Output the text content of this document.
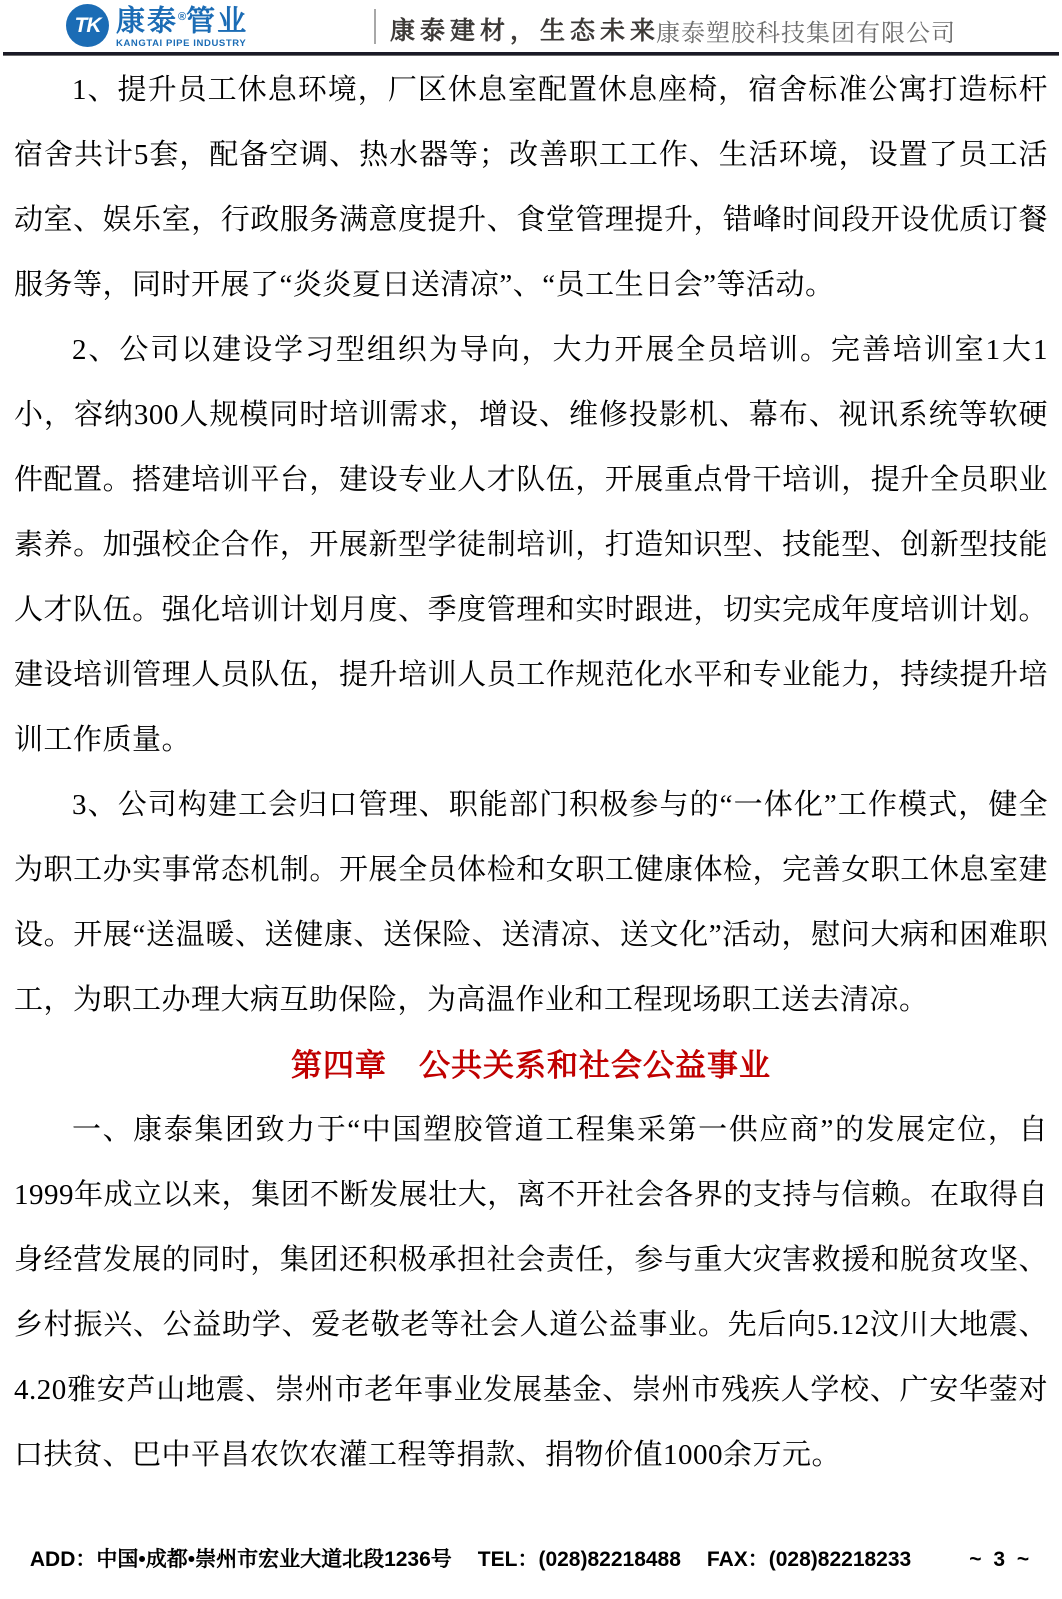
TK 康泰®管业
KANGTAI PIPE INDUSTRY	康泰建材，生态未来
康泰塑胶科技集团有限公司

1、提升员工休息环境，厂区休息室配置休息座椅，宿舍标准公寓打造标杆宿舍共计5套，配备空调、热水器等；改善职工工作、生活环境，设置了员工活动室、娱乐室，行政服务满意度提升、食堂管理提升，错峰时间段开设优质订餐服务等，同时开展了“炎炎夏日送清凉”、“员工生日会”等活动。

2、公司以建设学习型组织为导向，大力开展全员培训。完善培训室1大1小，容纳300人规模同时培训需求，增设、维修投影机、幕布、视讯系统等软硬件配置。搭建培训平台，建设专业人才队伍，开展重点骨干培训，提升全员职业素养。加强校企合作，开展新型学徒制培训，打造知识型、技能型、创新型技能人才队伍。强化培训计划月度、季度管理和实时跟进，切实完成年度培训计划。建设培训管理人员队伍，提升培训人员工作规范化水平和专业能力，持续提升培训工作质量。

3、公司构建工会归口管理、职能部门积极参与的“一体化”工作模式，健全为职工办实事常态机制。开展全员体检和女职工健康体检，完善女职工休息室建设。开展“送温暖、送健康、送保险、送清凉、送文化”活动，慰问大病和困难职工，为职工办理大病互助保险，为高温作业和工程现场职工送去清凉。

第四章　公共关系和社会公益事业

一、康泰集团致力于“中国塑胶管道工程集采第一供应商”的发展定位，自1999年成立以来，集团不断发展壮大，离不开社会各界的支持与信赖。在取得自身经营发展的同时，集团还积极承担社会责任，参与重大灾害救援和脱贫攻坚、乡村振兴、公益助学、爱老敬老等社会人道公益事业。先后向5.12汶川大地震、4.20雅安芦山地震、崇州市老年事业发展基金、崇州市残疾人学校、广安华蓥对口扶贫、巴中平昌农饮农灌工程等捐款、捐物价值1000余万元。

ADD：中国•成都•崇州市宏业大道北段1236号 TEL：(028)82218488 FAX：(028)82218233	~ 3 ~
